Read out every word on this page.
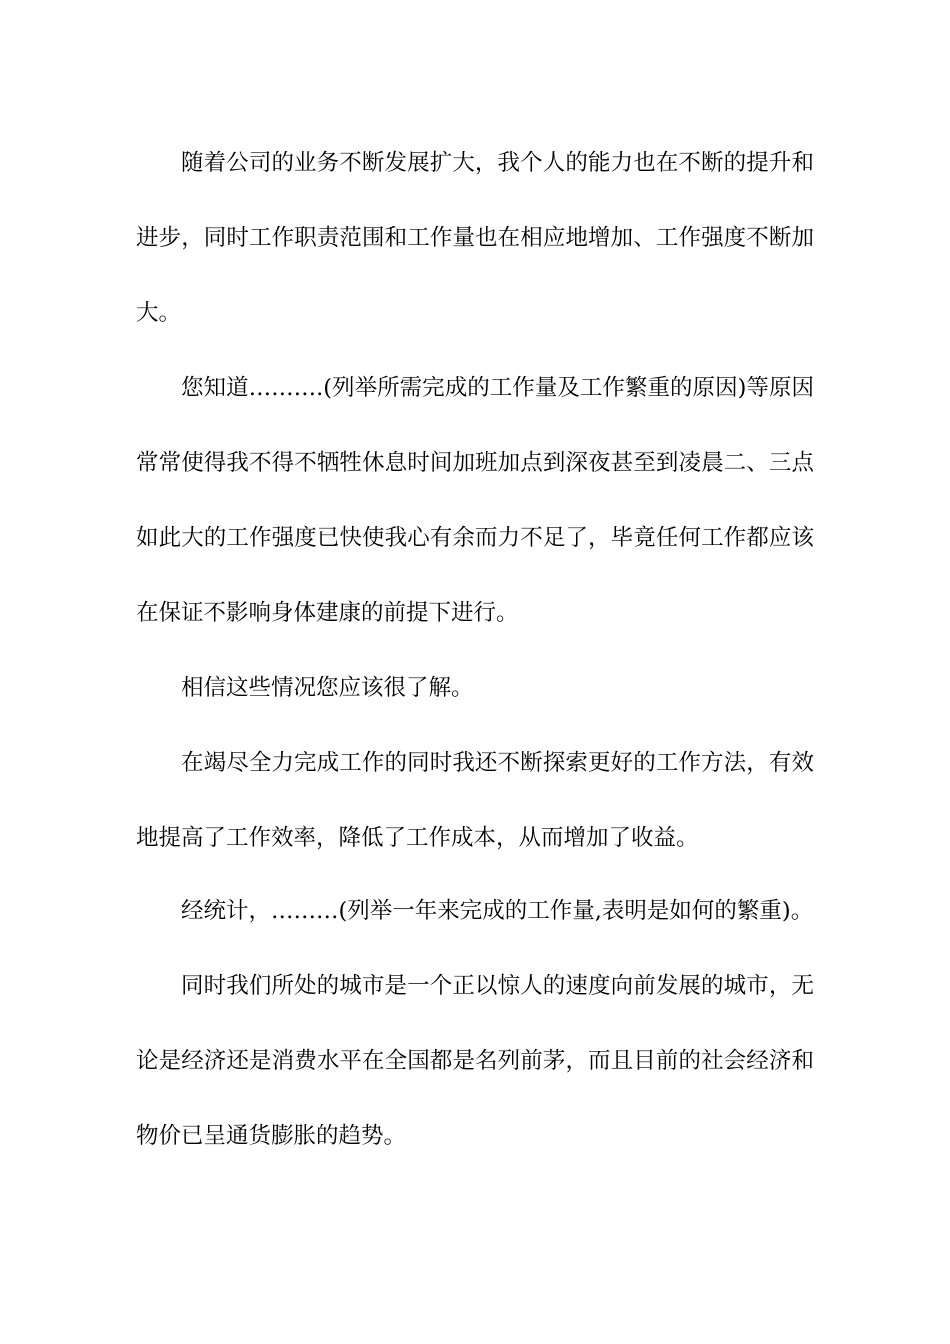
随着公司的业务不断发展扩大，我个人的能力也在不断的提升和
进步，同时工作职责范围和工作量也在相应地增加、工作强度不断加
大。
您知道……….(列举所需完成的工作量及工作繁重的原因)等原因
常常使得我不得不牺牲休息时间加班加点到深夜甚至到凌晨二、三点
如此大的工作强度已快使我心有余而力不足了，毕竟任何工作都应该
在保证不影响身体建康的前提下进行。
相信这些情况您应该很了解。
在竭尽全力完成工作的同时我还不断探索更好的工作方法，有效
地提高了工作效率，降低了工作成本，从而增加了收益。
经统计，………(列举一年来完成的工作量,表明是如何的繁重)。
同时我们所处的城市是一个正以惊人的速度向前发展的城市，无
论是经济还是消费水平在全国都是名列前茅，而且目前的社会经济和
物价已呈通货膨胀的趋势。
